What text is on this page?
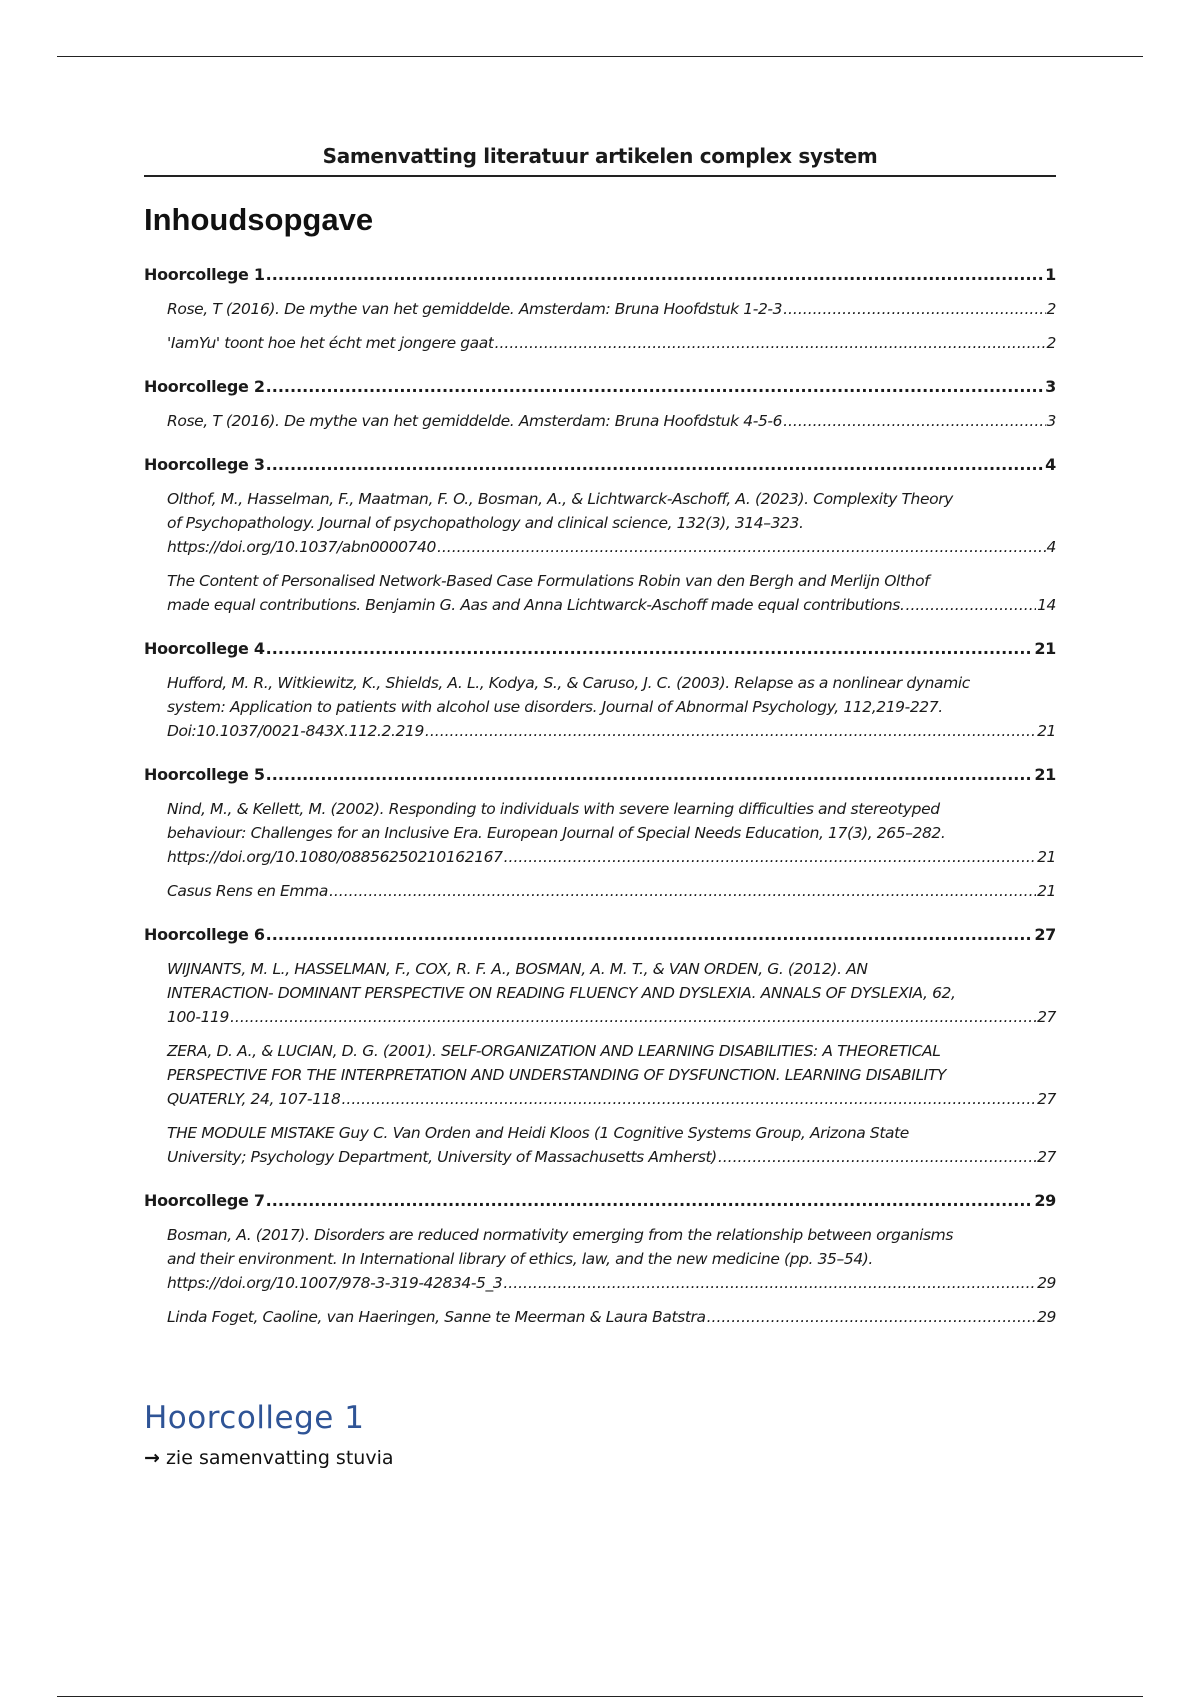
Samenvatting literatuur artikelen complex system
Inhoudsopgave
Hoorcollege 1 .....	1
Rose, T (2016). De mythe van het gemiddelde. Amsterdam: Bruna Hoofdstuk 1-2-3 .....	2
'IamYu' toont hoe het écht met jongere gaat .....	2
Hoorcollege 2 .....	3
Rose, T (2016). De mythe van het gemiddelde. Amsterdam: Bruna Hoofdstuk 4-5-6 .....	3
Hoorcollege 3 .....	4
Olthof, M., Hasselman, F., Maatman, F. O., Bosman, A., & Lichtwarck-Aschoff, A. (2023). Complexity Theory
of Psychopathology. Journal of psychopathology and clinical science, 132(3), 314–323.
https://doi.org/10.1037/abn0000740 .....	4
The Content of Personalised Network-Based Case Formulations Robin van den Bergh and Merlijn Olthof
made equal contributions. Benjamin G. Aas and Anna Lichtwarck-Aschoff made equal contributions. .....	14
Hoorcollege 4 .....	21
Hufford, M. R., Witkiewitz, K., Shields, A. L., Kodya, S., & Caruso, J. C. (2003). Relapse as a nonlinear dynamic
system: Application to patients with alcohol use disorders. Journal of Abnormal Psychology, 112,219-227.
Doi:10.1037/0021-843X.112.2.219 .....	21
Hoorcollege 5 .....	21
Nind, M., & Kellett, M. (2002). Responding to individuals with severe learning difficulties and stereotyped
behaviour: Challenges for an Inclusive Era. European Journal of Special Needs Education, 17(3), 265–282.
https://doi.org/10.1080/08856250210162167 .....	21
Casus Rens en Emma .....	21
Hoorcollege 6 .....	27
WIJNANTS, M. L., HASSELMAN, F., COX, R. F. A., BOSMAN, A. M. T., & VAN ORDEN, G. (2012). AN
INTERACTION- DOMINANT PERSPECTIVE ON READING FLUENCY AND DYSLEXIA. ANNALS OF DYSLEXIA, 62,
100-119 .....	27
ZERA, D. A., & LUCIAN, D. G. (2001). SELF-ORGANIZATION AND LEARNING DISABILITIES: A THEORETICAL
PERSPECTIVE FOR THE INTERPRETATION AND UNDERSTANDING OF DYSFUNCTION. LEARNING DISABILITY
QUATERLY, 24, 107-118 .....	27
THE MODULE MISTAKE Guy C. Van Orden and Heidi Kloos (1 Cognitive Systems Group, Arizona State
University; Psychology Department, University of Massachusetts Amherst) .....	27
Hoorcollege 7 .....	29
Bosman, A. (2017). Disorders are reduced normativity emerging from the relationship between organisms
and their environment. In International library of ethics, law, and the new medicine (pp. 35–54).
https://doi.org/10.1007/978-3-319-42834-5_3 .....	29
Linda Foget, Caoline, van Haeringen, Sanne te Meerman & Laura Batstra .....	29
Hoorcollege 1
→ zie samenvatting stuvia
